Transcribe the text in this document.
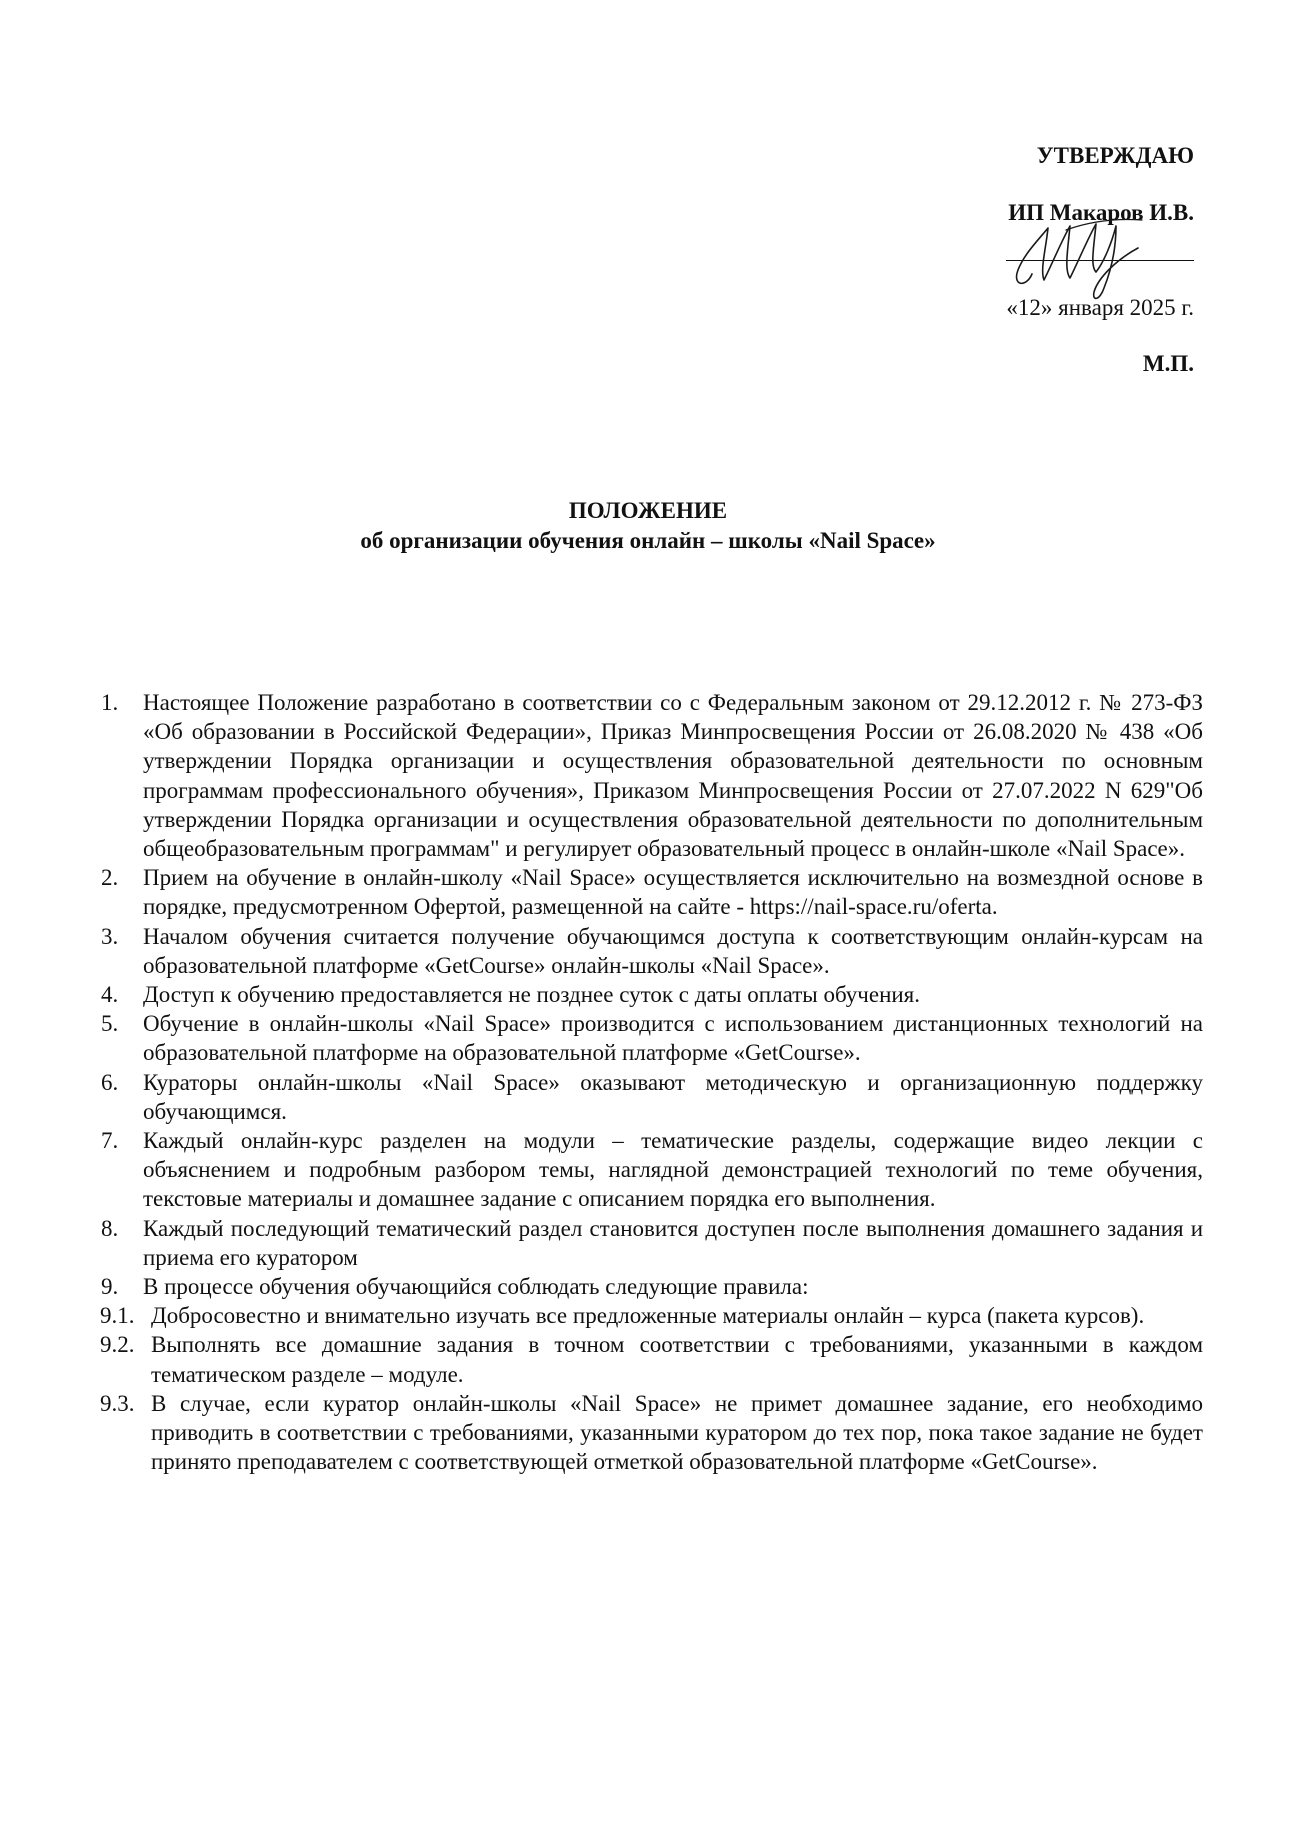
УТВЕРЖДАЮ
ИП Макаров И.В.
«12» января 2025 г.
М.П.
ПОЛОЖЕНИЕ
об организации обучения онлайн – школы «Nail Space»
1.	Настоящее Положение разработано в соответствии со с Федеральным законом от 29.12.2012 г. № 273-ФЗ «Об образовании в Российской Федерации», Приказ Минпросвещения России от 26.08.2020 № 438 «Об утверждении Порядка организации и осуществления образовательной деятельности по основным программам профессионального обучения», Приказом Минпросвещения России от 27.07.2022 N 629"Об утверждении Порядка организации и осуществления образовательной деятельности по дополнительным общеобразовательным программам" и регулирует образовательный процесс в онлайн-школе «Nail Space».
2.	Прием на обучение в онлайн-школу «Nail Space» осуществляется исключительно на возмездной основе в порядке, предусмотренном Офертой, размещенной на сайте - https://nail-space.ru/oferta.
3.	Началом обучения считается получение обучающимся доступа к соответствующим онлайн-курсам на образовательной платформе «GetCourse» онлайн-школы «Nail Space».
4.	Доступ к обучению предоставляется не позднее суток с даты оплаты обучения.
5.	Обучение в онлайн-школы «Nail Space» производится с использованием дистанционных технологий на образовательной платформе на образовательной платформе «GetCourse».
6.	Кураторы онлайн-школы «Nail Space» оказывают методическую и организационную поддержку обучающимся.
7.	Каждый онлайн-курс разделен на модули – тематические разделы, содержащие видео лекции с объяснением и подробным разбором темы, наглядной демонстрацией технологий по теме обучения, текстовые материалы и домашнее задание с описанием порядка его выполнения.
8.	Каждый последующий тематический раздел становится доступен после выполнения домашнего задания и приема его куратором
9.	В процессе обучения обучающийся соблюдать следующие правила:
9.1. Добросовестно и внимательно изучать все предложенные материалы онлайн – курса (пакета курсов).
9.2. Выполнять все домашние задания в точном соответствии с требованиями, указанными в каждом тематическом разделе – модуле.
9.3. В случае, если куратор онлайн-школы «Nail Space» не примет домашнее задание, его необходимо приводить в соответствии с требованиями, указанными куратором до тех пор, пока такое задание не будет принято преподавателем с соответствующей отметкой образовательной платформе «GetCourse».
